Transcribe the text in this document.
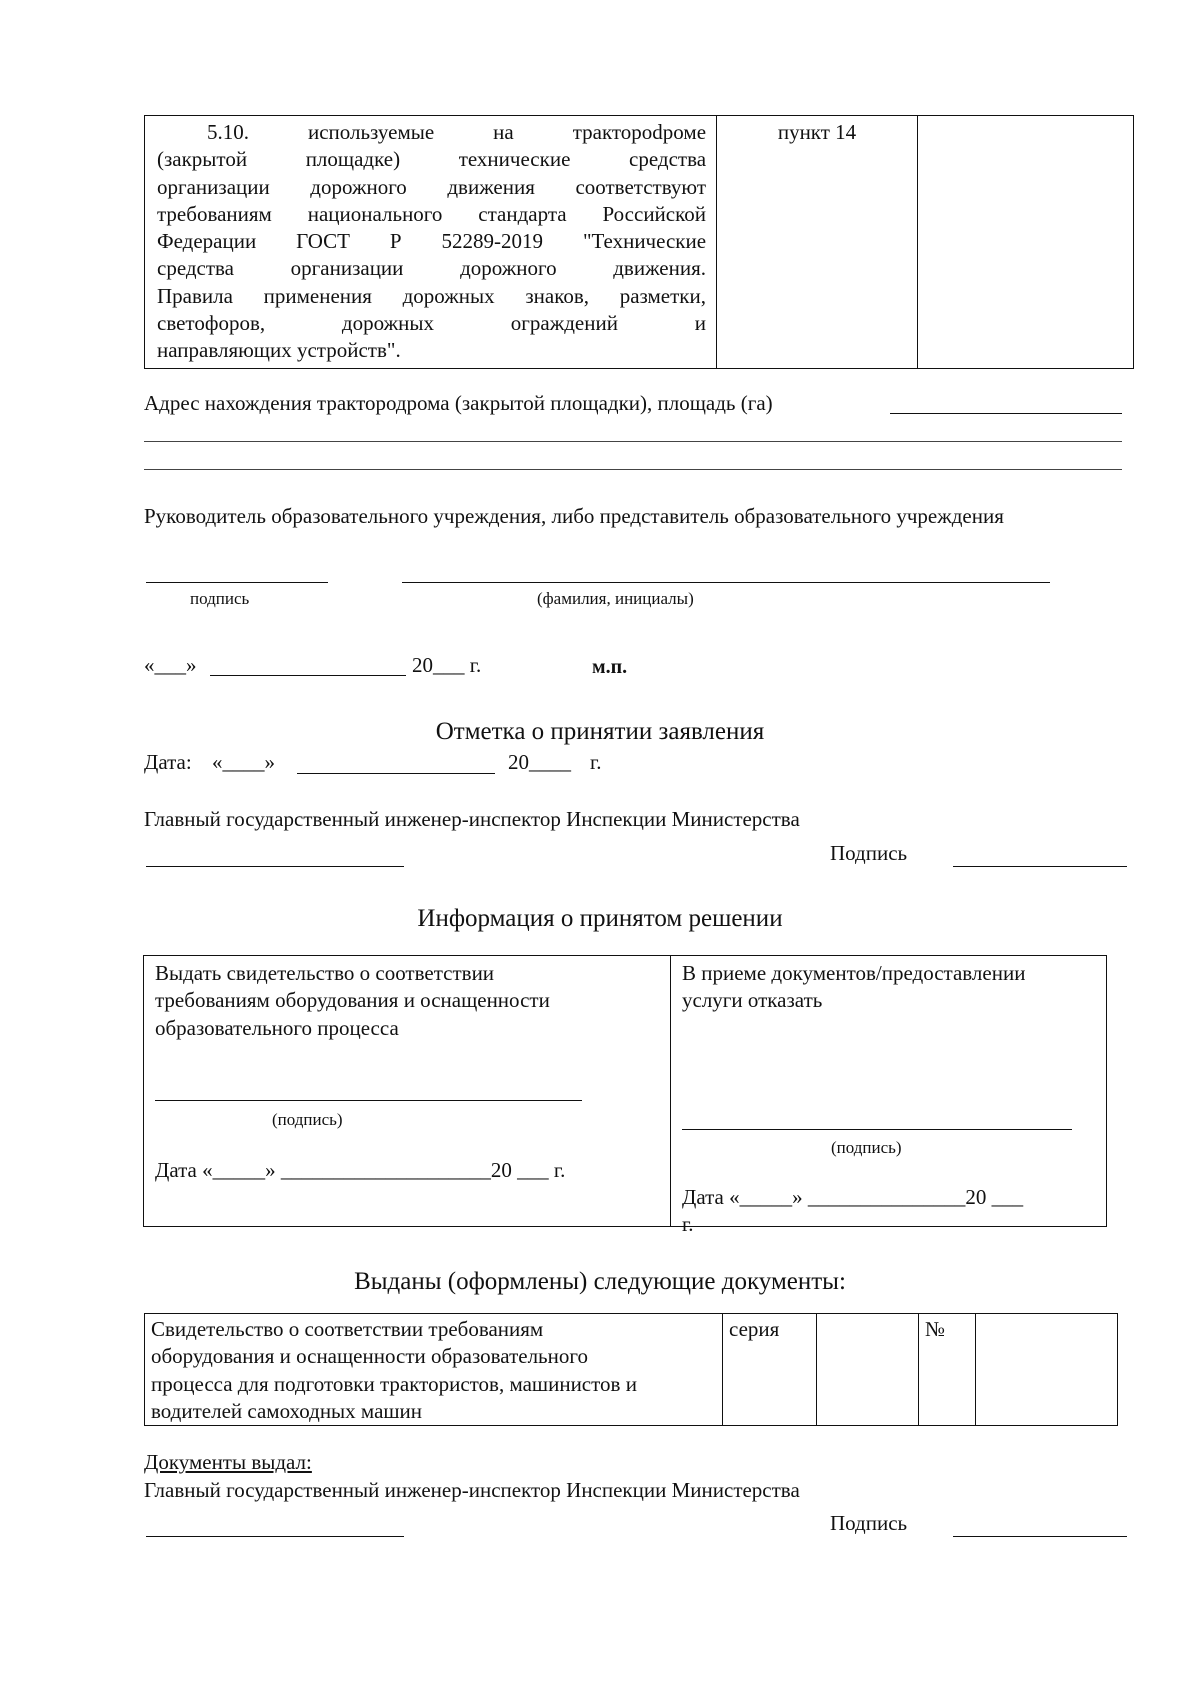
5.10.	используемые	на	трактороdроме
(закрытой	площадке)	технические	средства
организации дорожного движения соответствуют
требованиям национального стандарта Российской
Федерации ГОСТ Р 52289-2019 "Технические
средства	организации	дорожного	движения.
Правила применения дорожных знаков, разметки,
светофоров,	дорожных	ограждений	и
направляющих устройств".
пункт 14
Адрес нахождения трактородрома (закрытой площадки), площадь (га)
Руководитель образовательного учреждения, либо представитель образовательного учреждения
подпись	(фамилия, инициалы)
«___»	20___ г.	м.п.
Отметка о принятии заявления
Дата: «____»	20____ г.
Главный государственный инженер-инспектор Инспекции Министерства
Подпись
Информация о принятом решении
Выдать свидетельство о соответствии
требованиям оборудования и оснащенности
образовательного процесса
(подпись)
Дата «_____» ____________________20 ___ г.
В приеме документов/предоставлении
услуги отказать
(подпись)
Дата «_____» _______________20 ___
г.
Выданы (оформлены) следующие документы:
Свидетельство о соответствии требованиям
оборудования и оснащенности образовательного
процесса для подготовки трактористов, машинистов и
водителей самоходных машин
серия	№
Документы выдал:
Главный государственный инженер-инспектор Инспекции Министерства
Подпись
